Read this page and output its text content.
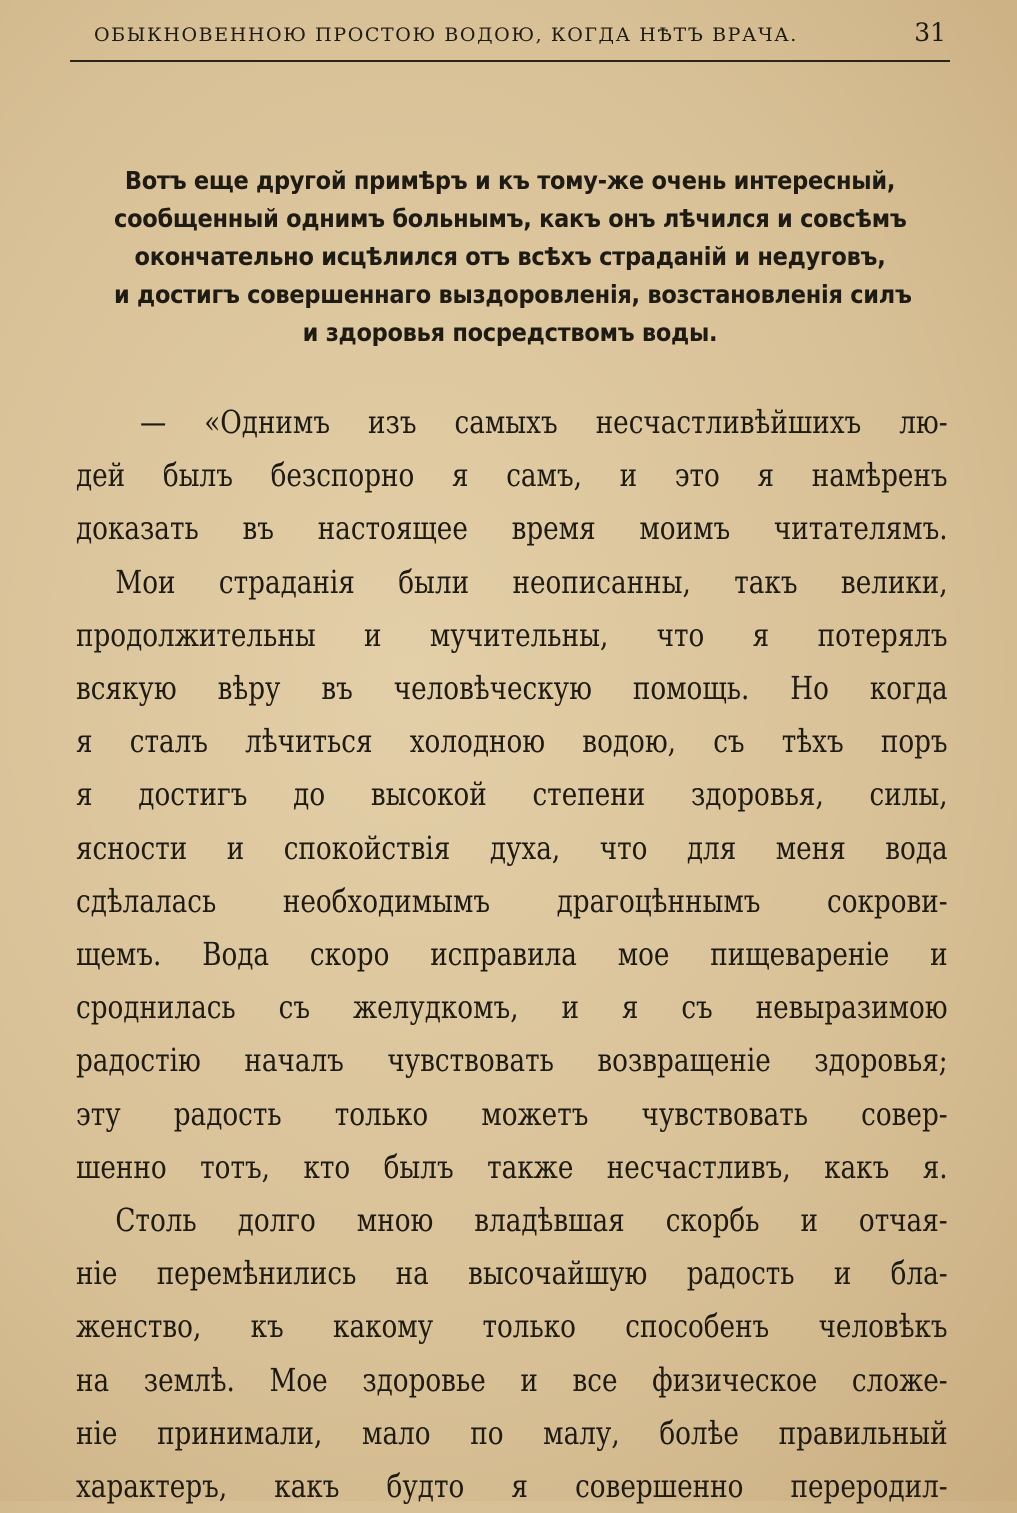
ОБЫКНОВЕННОЮ ПРОСТОЮ ВОДОЮ, КОГДА НѢТЪ ВРАЧА.	31
Вотъ еще другой примѣръ и къ тому-же очень интересный,
сообщенный однимъ больнымъ, какъ онъ лѣчился и совсѣмъ
окончательно исцѣлился отъ всѣхъ страданій и недуговъ,
и достигъ совершеннаго выздоровленія, возстановленія силъ
и здоровья посредствомъ воды.
— «Однимъ изъ самыхъ несчастливѣйшихъ лю-
дей былъ безспорно я самъ, и это я намѣренъ
доказать въ настоящее время моимъ читателямъ.
Мои страданія были неописанны, такъ велики,
продолжительны и мучительны, что я потерялъ
всякую вѣру въ человѣческую помощь. Но когда
я сталъ лѣчиться холодною водою, съ тѣхъ поръ
я достигъ до высокой степени здоровья, силы,
ясности и спокойствія духа, что для меня вода
сдѣлалась необходимымъ драгоцѣннымъ сокрови-
щемъ. Вода скоро исправила мое пищевареніе и
сроднилась съ желудкомъ, и я съ невыразимою
радостію началъ чувствовать возвращеніе здоровья;
эту радость только можетъ чувствовать совер-
шенно тотъ, кто былъ также несчастливъ, какъ я.
Столь долго мною владѣвшая скорбь и отчая-
ніе перемѣнились на высочайшую радость и бла-
женство, къ какому только способенъ человѣкъ
на землѣ. Мое здоровье и все физическое сложе-
ніе принимали, мало по малу, болѣе правильный
характеръ, какъ будто я совершенно переродил-
